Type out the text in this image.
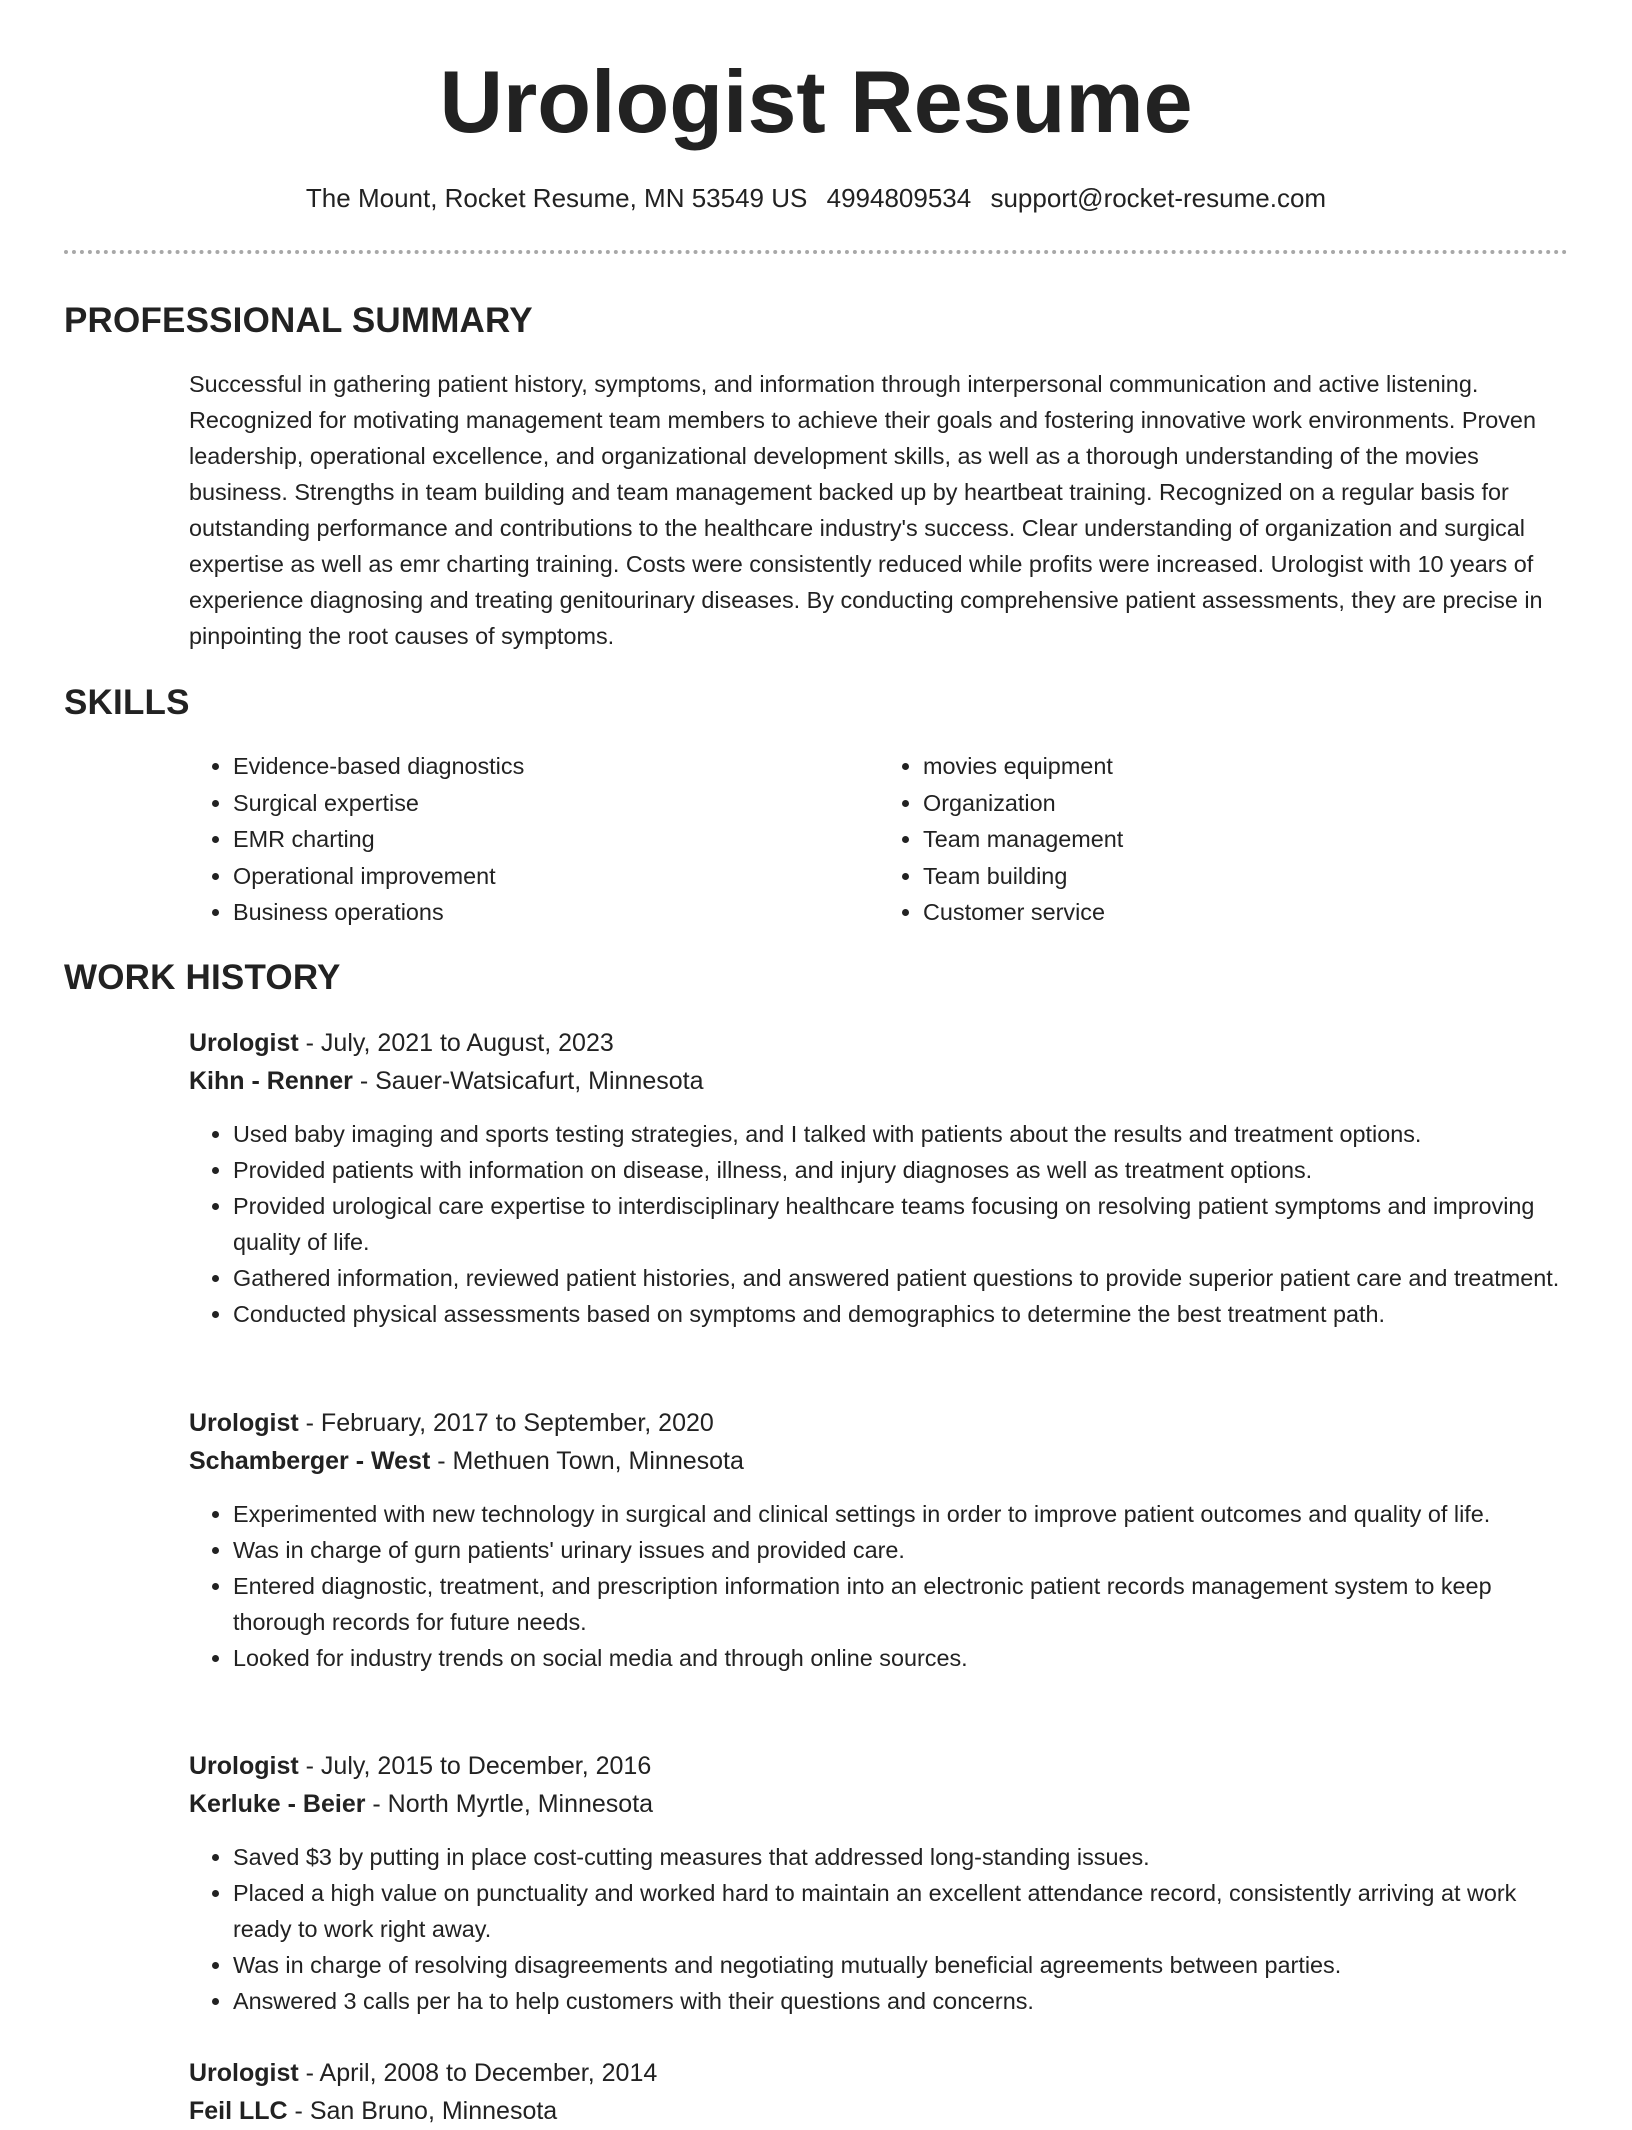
Urologist Resume
The Mount, Rocket Resume, MN 53549 US 4994809534 support@rocket-resume.com
PROFESSIONAL SUMMARY

Successful in gathering patient history, symptoms, and information through interpersonal communication and active listening. Recognized for motivating management team members to achieve their goals and fostering innovative work environments. Proven leadership, operational excellence, and organizational development skills, as well as a thorough understanding of the movies business. Strengths in team building and team management backed up by heartbeat training. Recognized on a regular basis for outstanding performance and contributions to the healthcare industry's success. Clear understanding of organization and surgical expertise as well as emr charting training. Costs were consistently reduced while profits were increased. Urologist with 10 years of experience diagnosing and treating genitourinary diseases. By conducting comprehensive patient assessments, they are precise in pinpointing the root causes of symptoms.

SKILLS
• Evidence-based diagnostics
• Surgical expertise
• EMR charting
• Operational improvement
• Business operations
• movies equipment
• Organization
• Team management
• Team building
• Customer service
WORK HISTORY

Urologist - July, 2021 to August, 2023

Kihn - Renner - Sauer-Watsicafurt, Minnesota

• Used baby imaging and sports testing strategies, and I talked with patients about the results and treatment options.
• Provided patients with information on disease, illness, and injury diagnoses as well as treatment options.
• Provided urological care expertise to interdisciplinary healthcare teams focusing on resolving patient symptoms and improving quality of life.
• Gathered information, reviewed patient histories, and answered patient questions to provide superior patient care and treatment.
• Conducted physical assessments based on symptoms and demographics to determine the best treatment path.

Urologist - February, 2017 to September, 2020

Schamberger - West - Methuen Town, Minnesota

• Experimented with new technology in surgical and clinical settings in order to improve patient outcomes and quality of life.
• Was in charge of gurn patients' urinary issues and provided care.
• Entered diagnostic, treatment, and prescription information into an electronic patient records management system to keep thorough records for future needs.
• Looked for industry trends on social media and through online sources.

Urologist - July, 2015 to December, 2016

Kerluke - Beier - North Myrtle, Minnesota

• Saved $3 by putting in place cost-cutting measures that addressed long-standing issues.
• Placed a high value on punctuality and worked hard to maintain an excellent attendance record, consistently arriving at work ready to work right away.
• Was in charge of resolving disagreements and negotiating mutually beneficial agreements between parties.
• Answered 3 calls per ha to help customers with their questions and concerns.

Urologist - April, 2008 to December, 2014

Feil LLC - San Bruno, Minnesota
